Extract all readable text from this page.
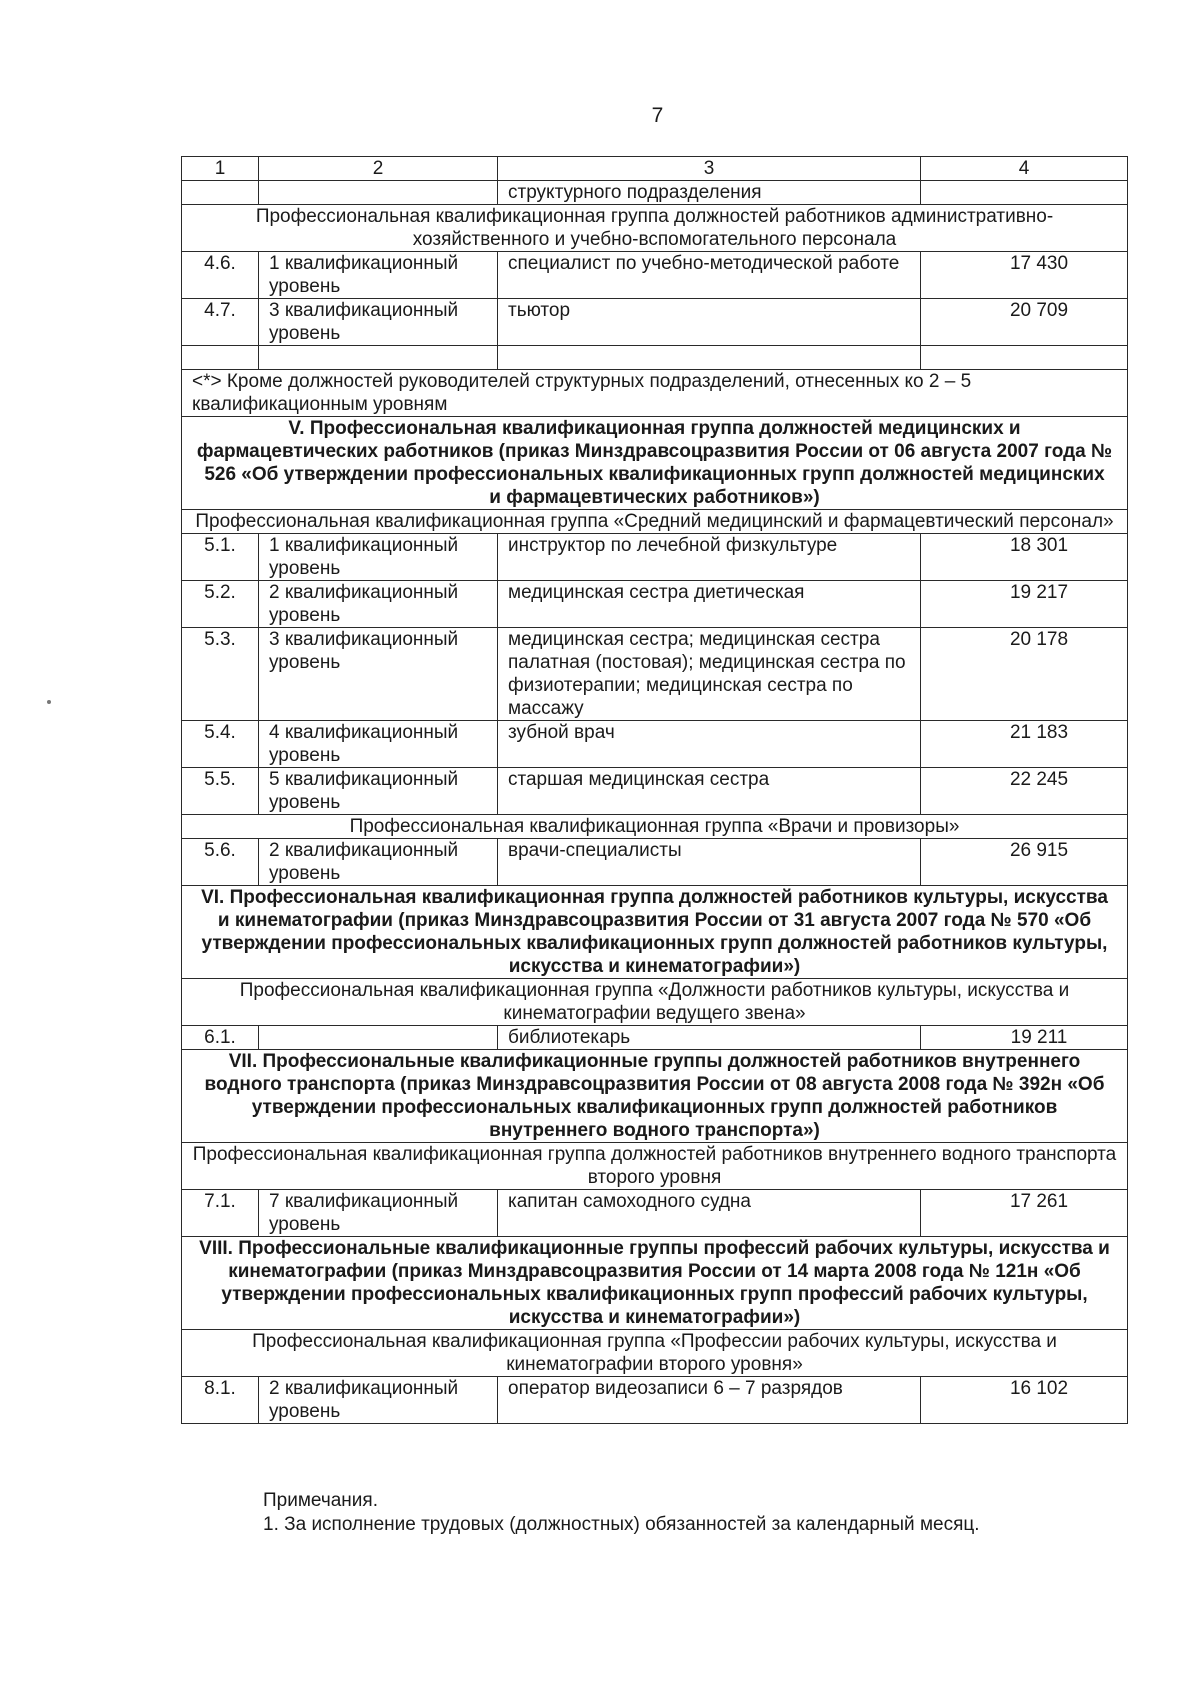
7
1	2	3	4
		структурного подразделения	
Профессиональная квалификационная группа должностей работников административно-хозяйственного и учебно-вспомогательного персонала			
4.6.	1 квалификационный уровень	специалист по учебно-методической работе	17 430
4.7.	3 квалификационный уровень	тьютор	20 709

<*> Кроме должностей руководителей структурных подразделений, отнесенных ко 2 – 5 квалификационным уровням			
V. Профессиональная квалификационная группа должностей медицинских и фармацевтических работников (приказ Минздравсоцразвития России от 06 августа 2007 года № 526 «Об утверждении профессиональных квалификационных групп должностей медицинских и фармацевтических работников»)			
Профессиональная квалификационная группа «Средний медицинский и фармацевтический персонал»			
5.1.	1 квалификационный уровень	инструктор по лечебной физкультуре	18 301
5.2.	2 квалификационный уровень	медицинская сестра диетическая	19 217
5.3.	3 квалификационный уровень	медицинская сестра; медицинская сестра палатная (постовая); медицинская сестра по физиотерапии; медицинская сестра по массажу	20 178
5.4.	4 квалификационный уровень	зубной врач	21 183
5.5.	5 квалификационный уровень	старшая медицинская сестра	22 245
Профессиональная квалификационная группа «Врачи и провизоры»			
5.6.	2 квалификационный уровень	врачи-специалисты	26 915
VI. Профессиональная квалификационная группа должностей работников культуры, искусства и кинематографии (приказ Минздравсоцразвития России от 31 августа 2007 года № 570 «Об утверждении профессиональных квалификационных групп должностей работников культуры, искусства и кинематографии»)			
Профессиональная квалификационная группа «Должности работников культуры, искусства и кинематографии ведущего звена»			
6.1.		библиотекарь	19 211
VII. Профессиональные квалификационные группы должностей работников внутреннего водного транспорта (приказ Минздравсоцразвития России от 08 августа 2008 года № 392н «Об утверждении профессиональных квалификационных групп должностей работников внутреннего водного транспорта»)			
Профессиональная квалификационная группа должностей работников внутреннего водного транспорта второго уровня			
7.1.	7 квалификационный уровень	капитан самоходного судна	17 261
VIII. Профессиональные квалификационные группы профессий рабочих культуры, искусства и кинематографии (приказ Минздравсоцразвития России от 14 марта 2008 года № 121н «Об утверждении профессиональных квалификационных групп профессий рабочих культуры, искусства и кинематографии»)			
Профессиональная квалификационная группа «Профессии рабочих культуры, искусства и кинематографии второго уровня»			
8.1.	2 квалификационный уровень	оператор видеозаписи 6 – 7 разрядов	16 102
Примечания.
1. За исполнение трудовых (должностных) обязанностей за календарный месяц.
